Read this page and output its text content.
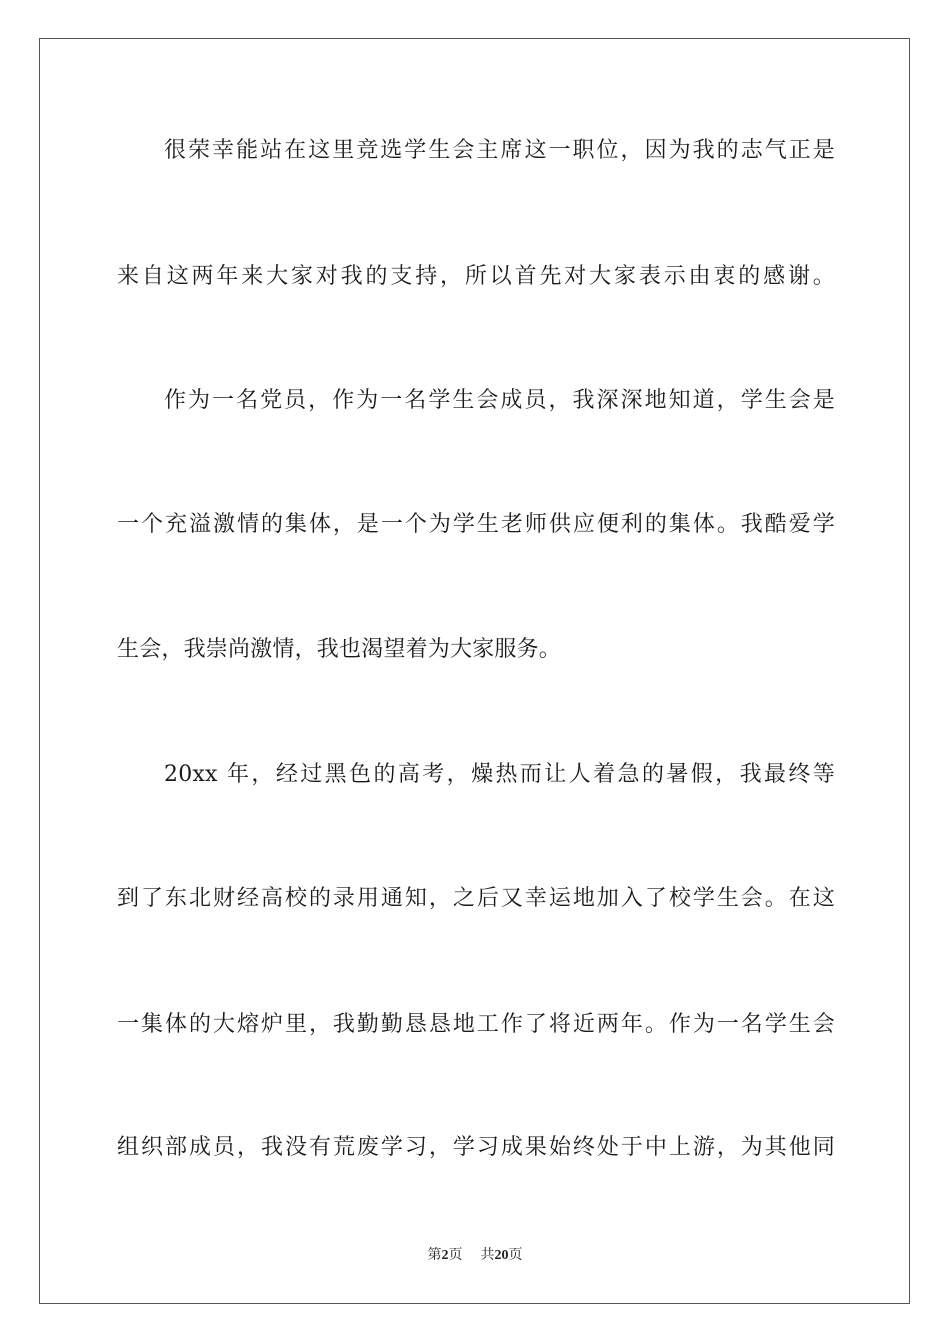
很荣幸能站在这里竞选学生会主席这一职位，因为我的志气正是
来自这两年来大家对我的支持，所以首先对大家表示由衷的感谢。
作为一名党员，作为一名学生会成员，我深深地知道，学生会是
一个充溢激情的集体，是一个为学生老师供应便利的集体。我酷爱学
生会，我崇尚激情，我也渴望着为大家服务。
20xx 年，经过黑色的高考，燥热而让人着急的暑假，我最终等
到了东北财经高校的录用通知，之后又幸运地加入了校学生会。在这
一集体的大熔炉里，我勤勤恳恳地工作了将近两年。作为一名学生会
组织部成员，我没有荒废学习，学习成果始终处于中上游，为其他同
第2页 共20页
